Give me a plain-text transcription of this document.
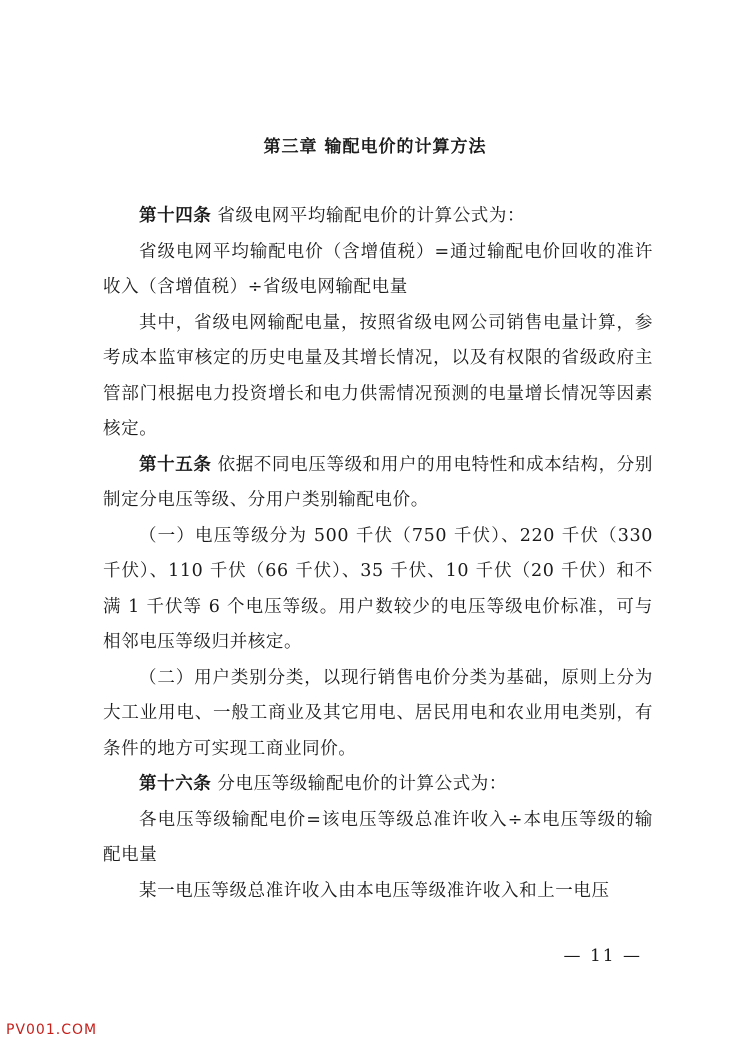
第三章 输配电价的计算方法

第十四条 省级电网平均输配电价的计算公式为：

省级电网平均输配电价（含增值税）=通过输配电价回收的准许收入（含增值税）÷省级电网输配电量

其中，省级电网输配电量，按照省级电网公司销售电量计算，参考成本监审核定的历史电量及其增长情况，以及有权限的省级政府主管部门根据电力投资增长和电力供需情况预测的电量增长情况等因素核定。

第十五条 依据不同电压等级和用户的用电特性和成本结构，分别制定分电压等级、分用户类别输配电价。

（一）电压等级分为 500 千伏（750 千伏）、220 千伏（330 千伏）、110 千伏（66 千伏）、35 千伏、10 千伏（20 千伏）和不满 1 千伏等 6 个电压等级。用户数较少的电压等级电价标准，可与相邻电压等级归并核定。

（二）用户类别分类，以现行销售电价分类为基础，原则上分为大工业用电、一般工商业及其它用电、居民用电和农业用电类别，有条件的地方可实现工商业同价。

第十六条 分电压等级输配电价的计算公式为：

各电压等级输配电价=该电压等级总准许收入÷本电压等级的输配电量

某一电压等级总准许收入由本电压等级准许收入和上一电压

— 11 —
PV001.COM
